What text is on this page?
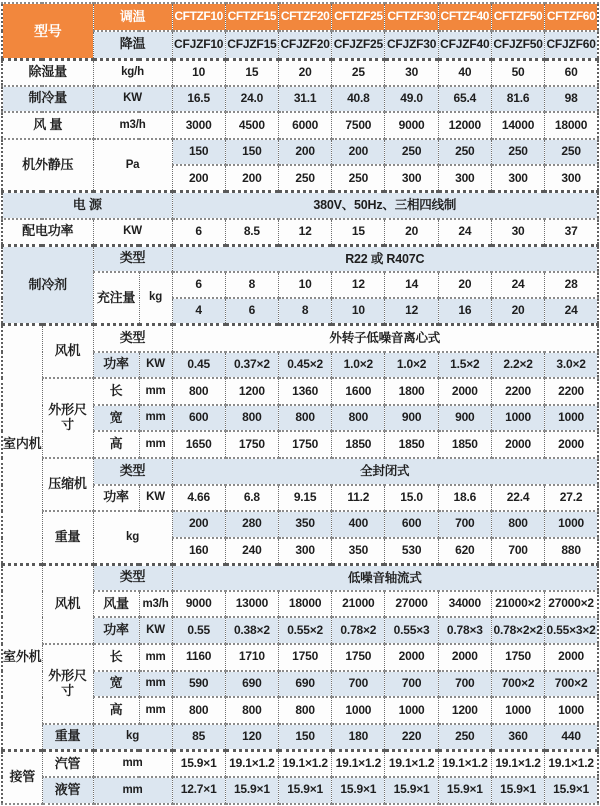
型号		调温		CFTZF10	CFTZF15	CFTZF20	CFTZF25	CFTZF30	CFTZF40	CFTZF50	CFTZF60
		降温		CFJZF10	CFJZF15	CFJZF20	CFJZF25	CFJZF30	CFJZF40	CFJZF50	CFJZF60
除湿量		kg/h		10	15	20	25	30	40	50	60
制冷量		KW		16.5	24.0	31.1	40.8	49.0	65.4	81.6	98
风 量		m3/h		3000	4500	6000	7500	9000	12000	14000	18000
机外静压		Pa		150	150	200	200	250	250	250	250
				200	200	250	250	300	300	300	300
电 源				380V、50Hz、三相四线制							
配电功率		KW		6	8.5	12	15	20	24	30	37
制冷剂		类型		R22 或 R407C							
		充注量	kg	6	8	10	12	14	20	24	28
				4	6	8	10	12	16	20	24
室内机	风机	类型		外转子低噪音离心式							
		功率	KW	0.45	0.37×2	0.45×2	1.0×2	1.0×2	1.5×2	2.2×2	3.0×2
	外形尺寸	长	mm	800	1200	1360	1600	1800	2000	2200	2200
		宽	mm	600	800	800	800	900	900	1000	1000
		高	mm	1650	1750	1750	1850	1850	1850	2000	2000
	压缩机	类型		全封闭式							
		功率	KW	4.66	6.8	9.15	11.2	15.0	18.6	22.4	27.2
	重量	kg		200	280	350	400	600	700	800	1000
				160	240	300	350	530	620	700	880
室外机	风机	类型		低噪音轴流式							
		风量	m3/h	9000	13000	18000	21000	27000	34000	21000×2	27000×2
		功率	KW	0.55	0.38×2	0.55×2	0.78×2	0.55×3	0.78×3	0.78×2×2	0.55×3×2
	外形尺寸	长	mm	1160	1710	1750	1750	2000	2000	1750	2000
		宽	mm	590	690	690	700	700	700	700×2	700×2
		高	mm	800	800	800	1000	1000	1200	1000	1000
	重量	kg		85	120	150	180	220	250	360	440
接管	汽管	mm		15.9×1	19.1×1.2	19.1×1.2	19.1×1.2	19.1×1.2	19.1×1.2	19.1×1.2	19.1×1.2
	液管	mm		12.7×1	15.9×1	15.9×1	15.9×1	15.9×1	15.9×1	15.9×1	15.9×1
